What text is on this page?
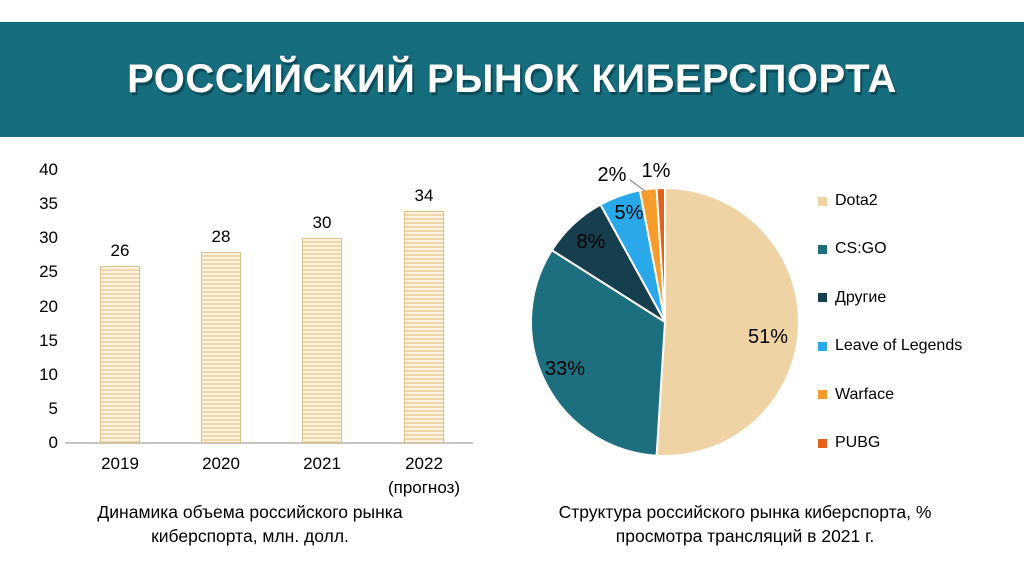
РОССИЙСКИЙ РЫНОК КИБЕРСПОРТА
0
5
10
15
20
25
30
35
40
26
2019
28
2020
30
2021
34
2022
(прогноз)
Динамика объема российского рынка киберспорта, млн. долл.
51%
33%
8%
5%
2% 1%
Dota2
CS:GO
Другие
Leave of Legends
Warface
PUBG
Структура российского рынка киберспорта, % просмотра трансляций в 2021 г.
